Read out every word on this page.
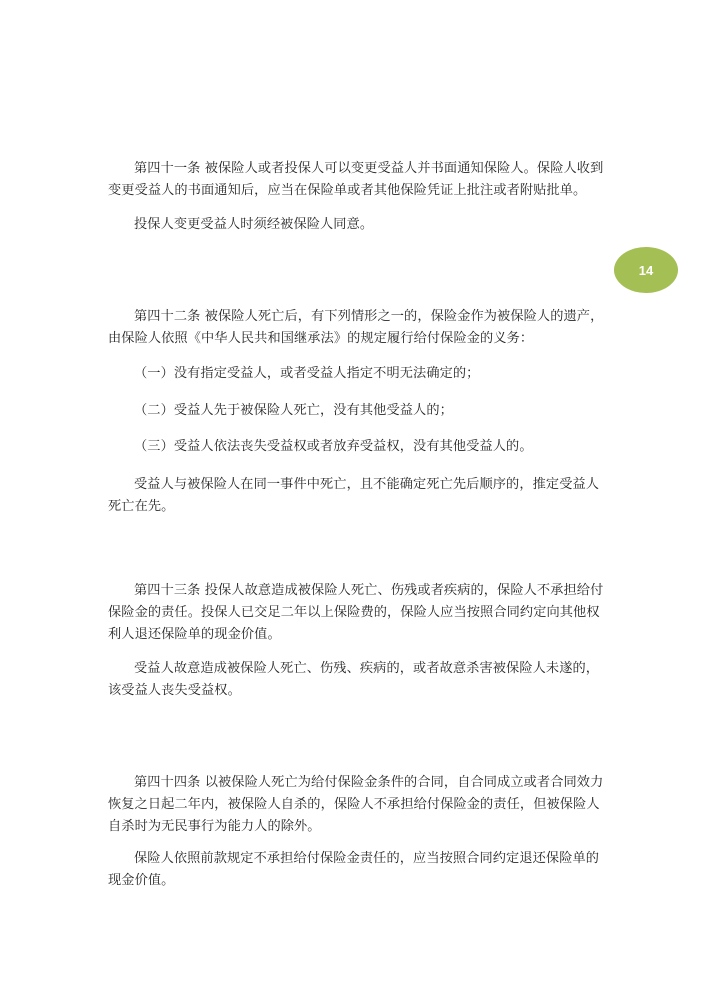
第四十一条 被保险人或者投保人可以变更受益人并书面通知保险人。保险人收到变更受益人的书面通知后，应当在保险单或者其他保险凭证上批注或者附贴批单。

投保人变更受益人时须经被保险人同意。

14

第四十二条 被保险人死亡后，有下列情形之一的，保险金作为被保险人的遗产，由保险人依照《中华人民共和国继承法》的规定履行给付保险金的义务：

（一）没有指定受益人，或者受益人指定不明无法确定的；

（二）受益人先于被保险人死亡，没有其他受益人的；

（三）受益人依法丧失受益权或者放弃受益权，没有其他受益人的。

受益人与被保险人在同一事件中死亡，且不能确定死亡先后顺序的，推定受益人死亡在先。

第四十三条 投保人故意造成被保险人死亡、伤残或者疾病的，保险人不承担给付保险金的责任。投保人已交足二年以上保险费的，保险人应当按照合同约定向其他权利人退还保险单的现金价值。

受益人故意造成被保险人死亡、伤残、疾病的，或者故意杀害被保险人未遂的，该受益人丧失受益权。

第四十四条 以被保险人死亡为给付保险金条件的合同，自合同成立或者合同效力恢复之日起二年内，被保险人自杀的，保险人不承担给付保险金的责任，但被保险人自杀时为无民事行为能力人的除外。

保险人依照前款规定不承担给付保险金责任的，应当按照合同约定退还保险单的现金价值。
